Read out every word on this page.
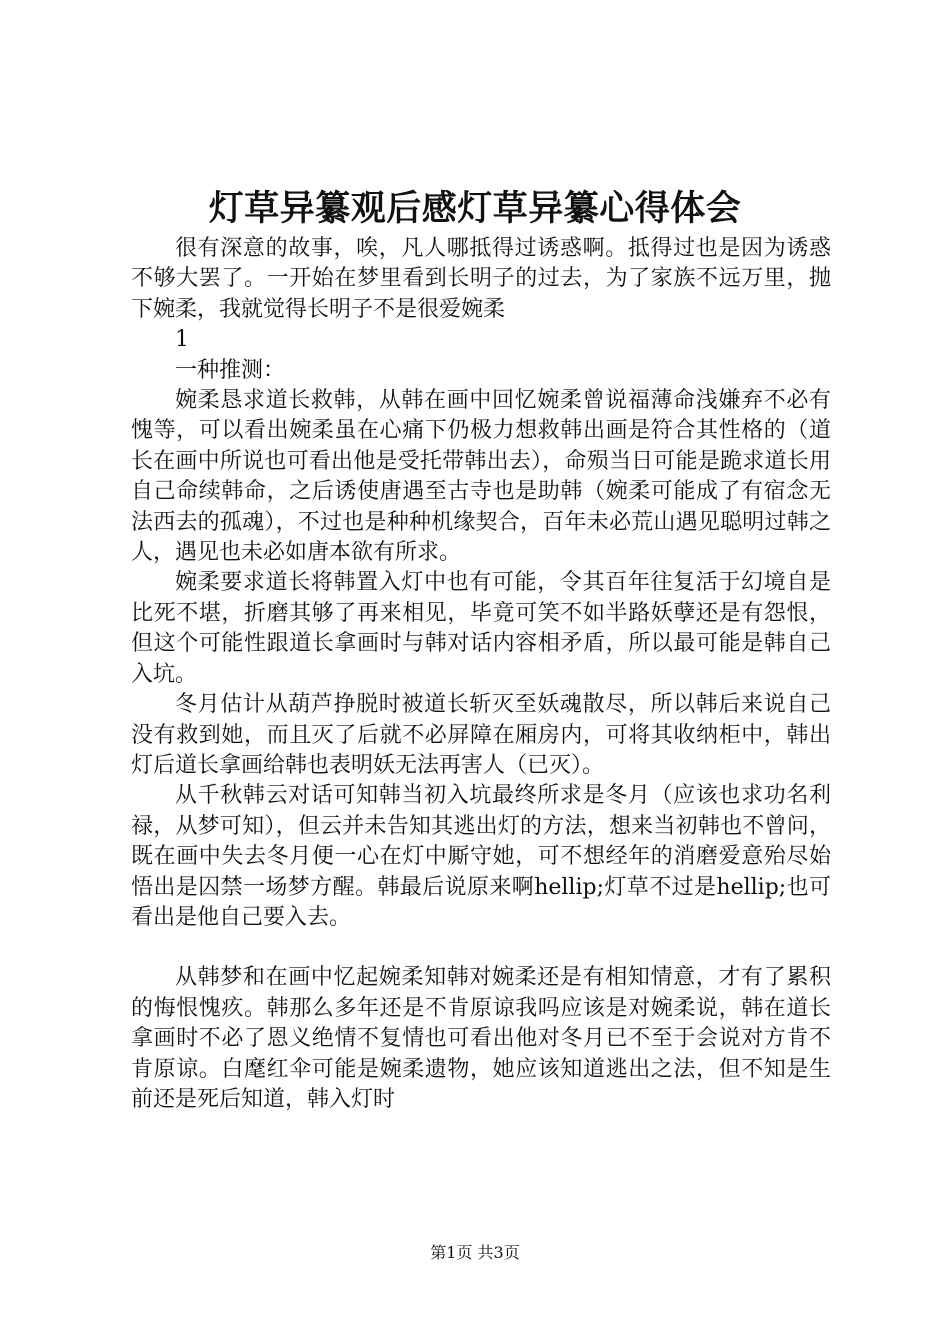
灯草异纂观后感灯草异纂心得体会

很有深意的故事，唉，凡人哪抵得过诱惑啊。抵得过也是因为诱惑不够大罢了。一开始在梦里看到长明子的过去，为了家族不远万里，抛下婉柔，我就觉得长明子不是很爱婉柔

1

一种推测：

婉柔恳求道长救韩，从韩在画中回忆婉柔曾说福薄命浅嫌弃不必有愧等，可以看出婉柔虽在心痛下仍极力想救韩出画是符合其性格的（道长在画中所说也可看出他是受托带韩出去），命殒当日可能是跪求道长用自己命续韩命，之后诱使唐遇至古寺也是助韩（婉柔可能成了有宿念无法西去的孤魂），不过也是种种机缘契合，百年未必荒山遇见聪明过韩之人，遇见也未必如唐本欲有所求。

婉柔要求道长将韩置入灯中也有可能，令其百年往复活于幻境自是比死不堪，折磨其够了再来相见，毕竟可笑不如半路妖孽还是有怨恨，但这个可能性跟道长拿画时与韩对话内容相矛盾，所以最可能是韩自己入坑。

冬月估计从葫芦挣脱时被道长斩灭至妖魂散尽，所以韩后来说自己没有救到她，而且灭了后就不必屏障在厢房内，可将其收纳柜中，韩出灯后道长拿画给韩也表明妖无法再害人（已灭）。

从千秋韩云对话可知韩当初入坑最终所求是冬月（应该也求功名利禄，从梦可知），但云并未告知其逃出灯的方法，想来当初韩也不曾问，既在画中失去冬月便一心在灯中厮守她，可不想经年的消磨爱意殆尽始悟出是囚禁一场梦方醒。韩最后说原来啊hellip;灯草不过是hellip;也可看出是他自己要入去。

从韩梦和在画中忆起婉柔知韩对婉柔还是有相知情意，才有了累积的悔恨愧疚。韩那么多年还是不肯原谅我吗应该是对婉柔说，韩在道长拿画时不必了恩义绝情不复情也可看出他对冬月已不至于会说对方肯不肯原谅。白麾红伞可能是婉柔遗物，她应该知道逃出之法，但不知是生前还是死后知道，韩入灯时

第1页 共3页
